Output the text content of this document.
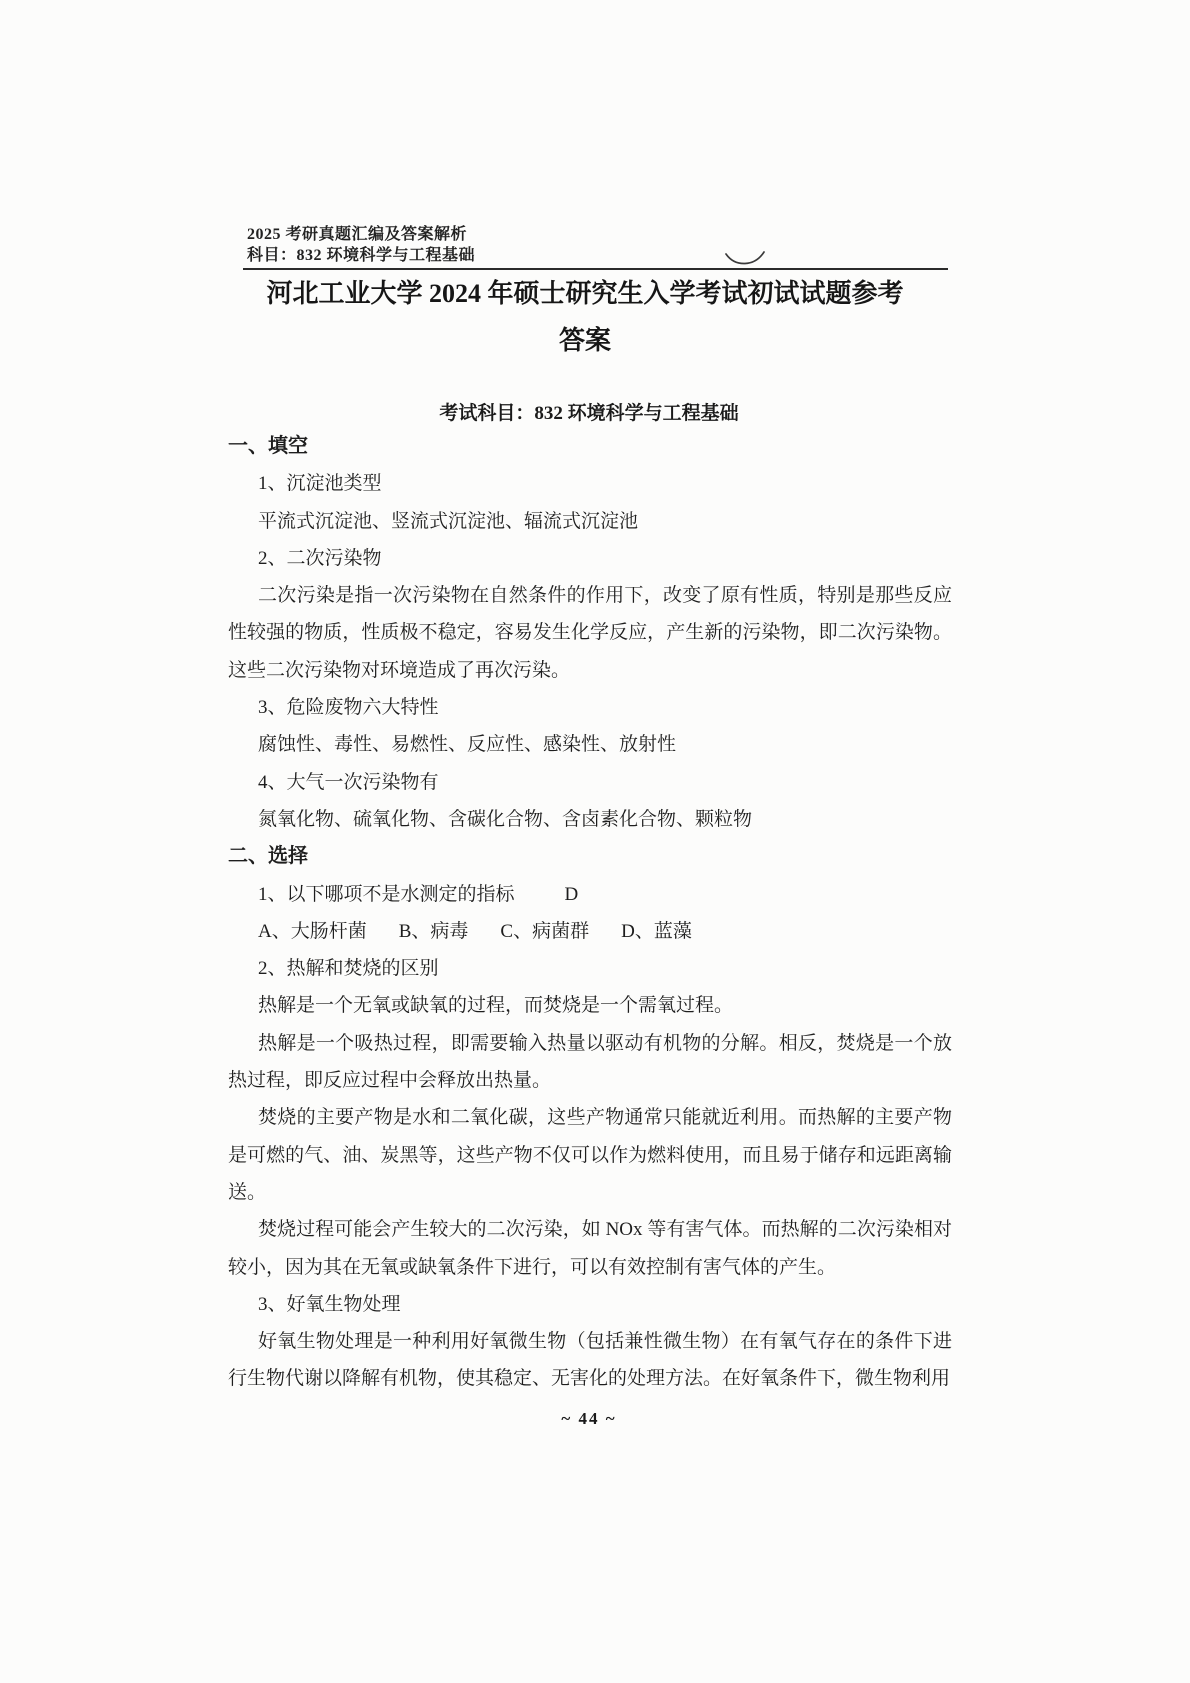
2025 考研真题汇编及答案解析
科目：832 环境科学与工程基础
河北工业大学 2024 年硕士研究生入学考试初试试题参考
答案
考试科目：832 环境科学与工程基础
一、填空
1、沉淀池类型
平流式沉淀池、竖流式沉淀池、辐流式沉淀池
2、二次污染物
二次污染是指一次污染物在自然条件的作用下，改变了原有性质，特别是那些反应性较强的物质，性质极不稳定，容易发生化学反应，产生新的污染物，即二次污染物。这些二次污染物对环境造成了再次污染。
3、危险废物六大特性
腐蚀性、毒性、易燃性、反应性、感染性、放射性
4、大气一次污染物有
氮氧化物、硫氧化物、含碳化合物、含卤素化合物、颗粒物
二、选择
1、以下哪项不是水测定的指标	D
A、大肠杆菌 B、病毒 C、病菌群 D、蓝藻
2、热解和焚烧的区别
热解是一个无氧或缺氧的过程，而焚烧是一个需氧过程。
热解是一个吸热过程，即需要输入热量以驱动有机物的分解。相反，焚烧是一个放热过程，即反应过程中会释放出热量。
焚烧的主要产物是水和二氧化碳，这些产物通常只能就近利用。而热解的主要产物是可燃的气、油、炭黑等，这些产物不仅可以作为燃料使用，而且易于储存和远距离输送。
焚烧过程可能会产生较大的二次污染，如 NOx 等有害气体。而热解的二次污染相对较小，因为其在无氧或缺氧条件下进行，可以有效控制有害气体的产生。
3、好氧生物处理
好氧生物处理是一种利用好氧微生物（包括兼性微生物）在有氧气存在的条件下进行生物代谢以降解有机物，使其稳定、无害化的处理方法。在好氧条件下，微生物利用
~ 44 ~
